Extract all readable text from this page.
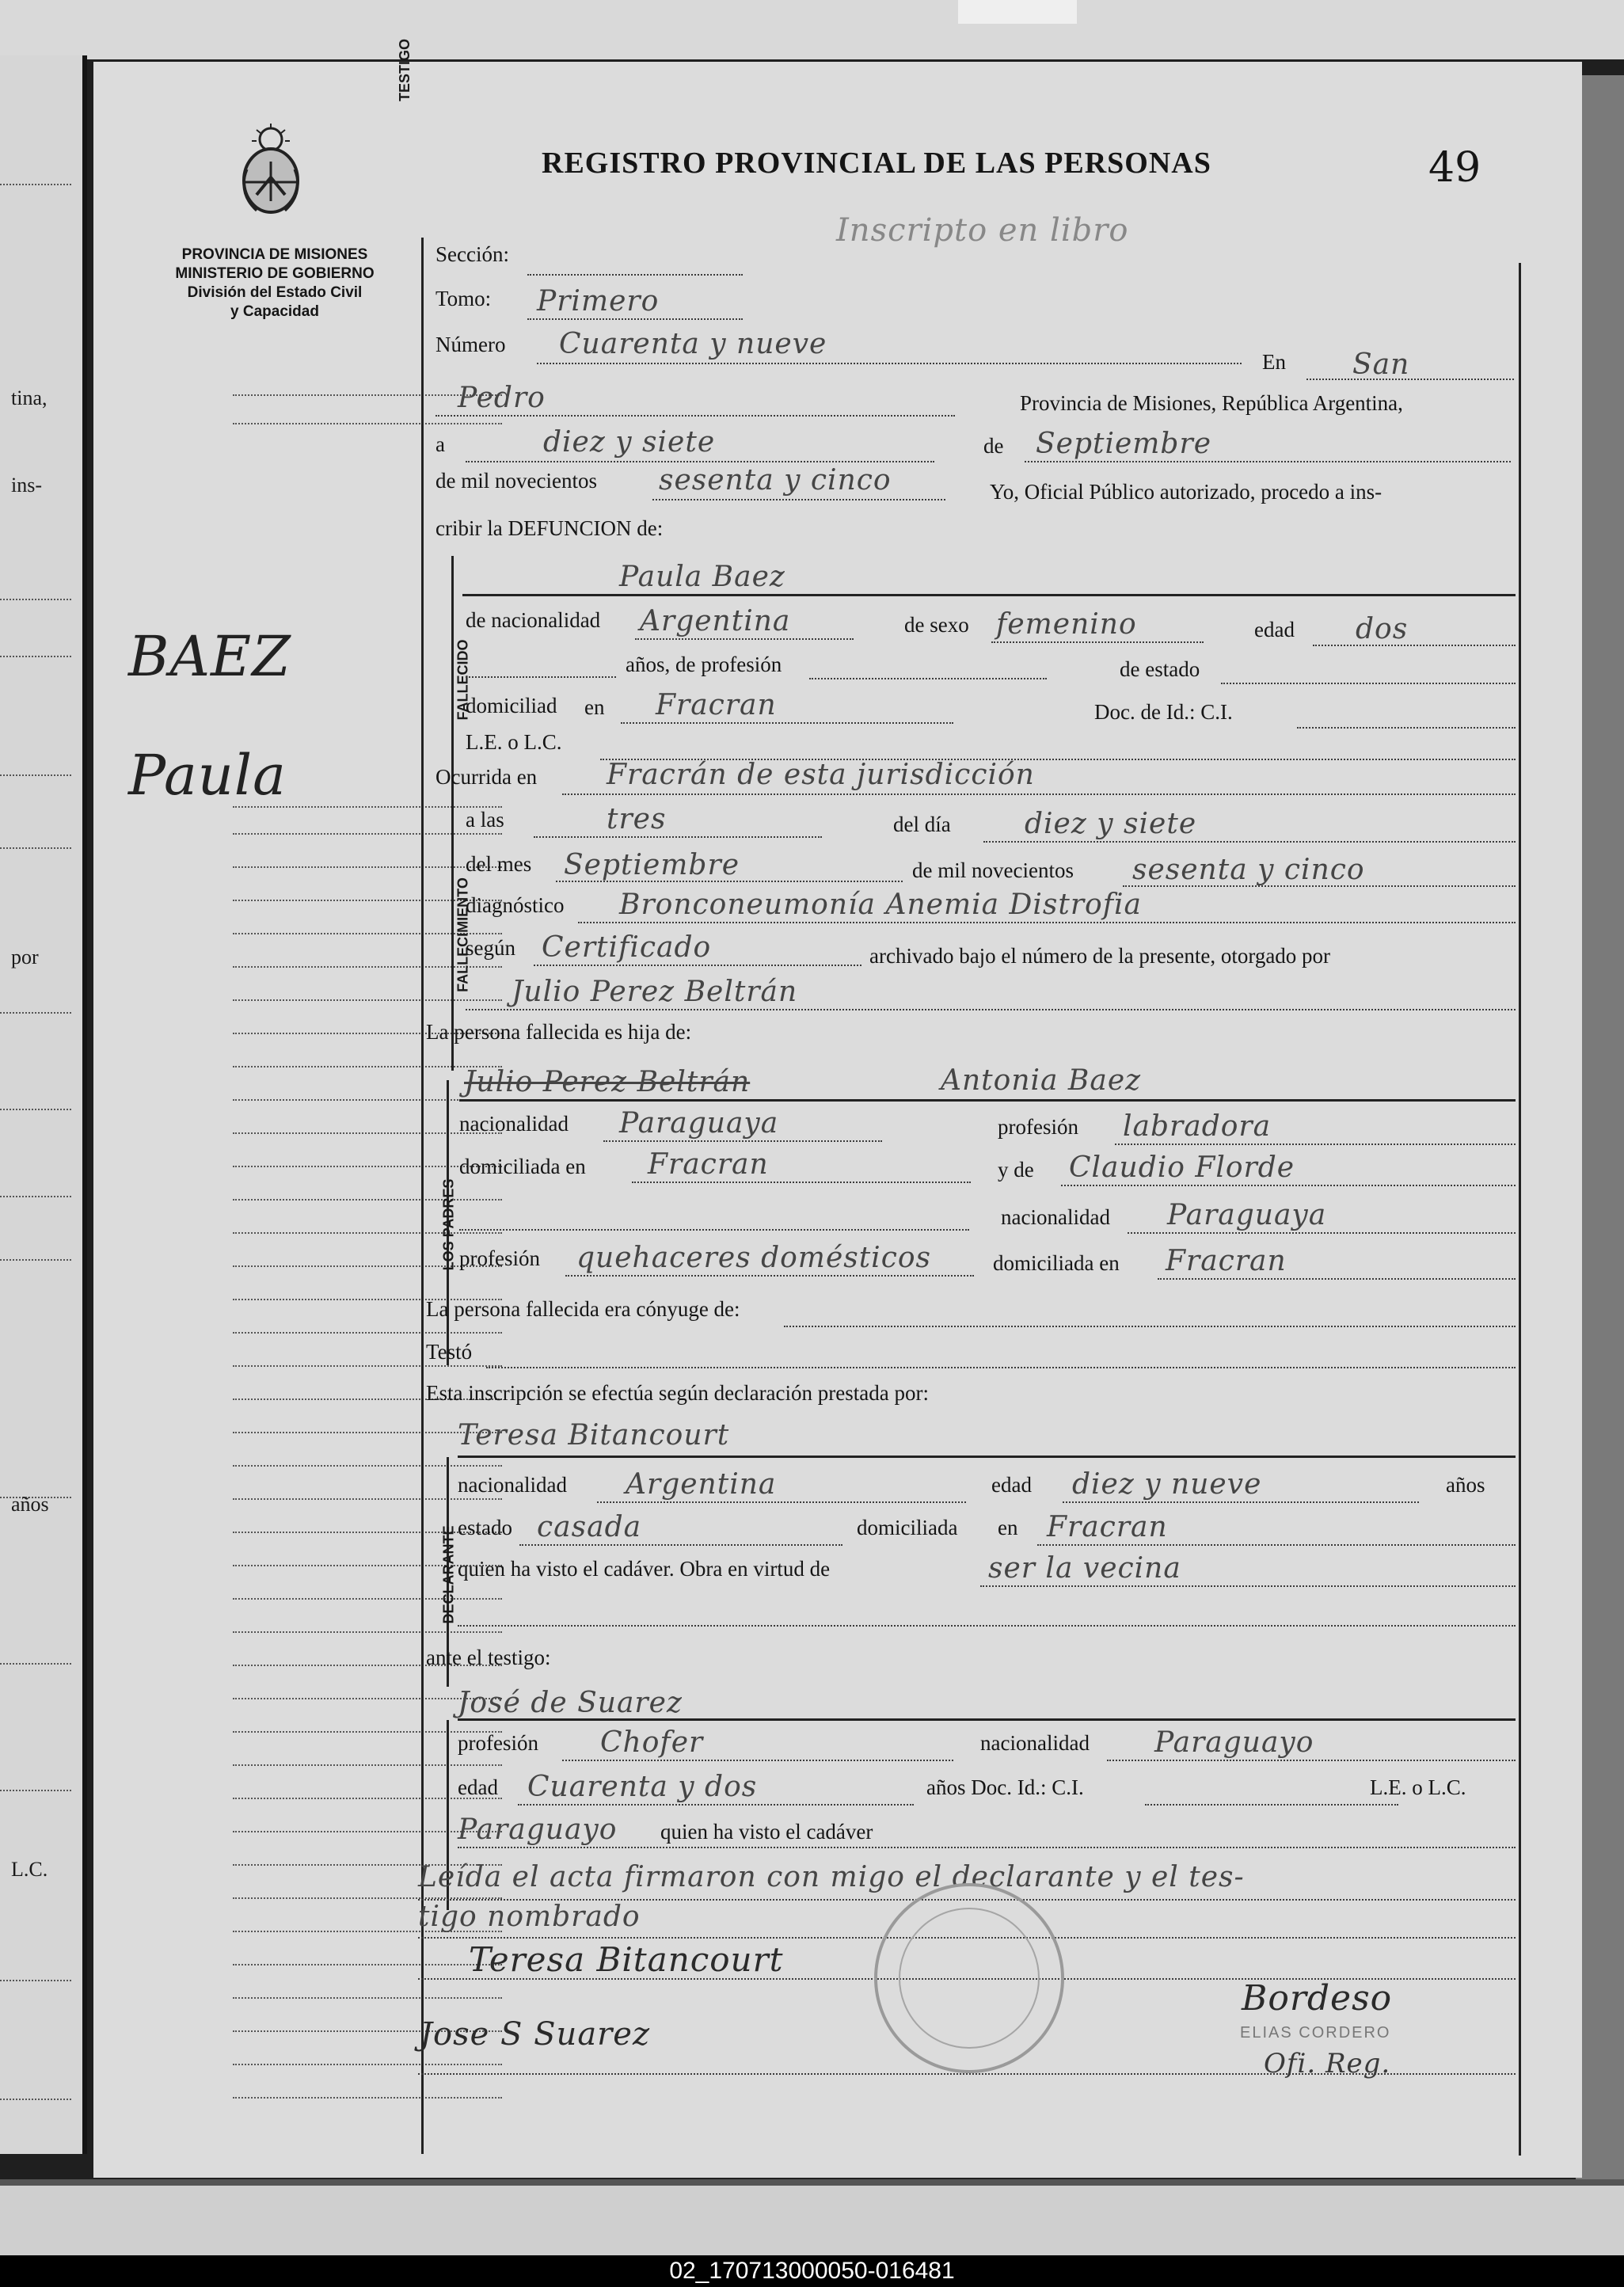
tina,
ins-
por
años
L.C.
PROVINCIA DE MISIONES
MINISTERIO DE GOBIERNO
División del Estado Civil
y Capacidad
REGISTRO PROVINCIAL DE LAS PERSONAS	49
Inscripto en libro
BAEZ
Paula
Sección:
Tomo: Primero
Número Cuarenta y nueve
En San
Pedro	Provincia de Misiones, República Argentina,
a	diez y siete	de Septiembre
de mil novecientos sesenta y cinco	Yo, Oficial Público autorizado, procedo a ins-
cribir la DEFUNCION de:
FALLECIDO
Paula Baez
de nacionalidad Argentina	de sexo femenino	edad dos
años, de profesión	de estado
domiciliad en Fracran	Doc. de Id.: C.I.
L.E. o L.C.
Ocurrida en Fracrán de esta jurisdicción
FALLECIMIENTO
a las	tres	del día	diez y siete
del mes Septiembre	de mil novecientos sesenta y cinco
diagnóstico Bronconeumonía Anemia Distrofia
según Certificado	archivado bajo el número de la presente, otorgado por
Julio Perez Beltrán
La persona fallecida es hija de:
LOS PADRES
Julio Perez Beltrán	Antonia Baez
nacionalidad Paraguaya	profesión labradora
domiciliada en Fracran	y de Claudio Florde
nacionalidad Paraguaya
profesión quehaceres domésticos	domiciliada en Fracran
La persona fallecida era cónyuge de:
Testó
Esta inscripción se efectúa según declaración prestada por:
DECLARANTE
Teresa Bitancourt
nacionalidad Argentina	edad diez y nueve	años
estado casada	domiciliada en Fracran
quien ha visto el cadáver. Obra en virtud de	ser la vecina
ante el testigo:
TESTIGO
José de Suarez
profesión Chofer	nacionalidad Paraguayo
edad Cuarenta y dos	años Doc. Id.: C.I.	L.E. o L.C.
Paraguayo quien ha visto el cadáver
Leída el acta firmaron con migo el declarante y el tes-
tigo nombrado
Teresa Bitancourt
Bordeso
Jose S Suarez	ELIAS CORDERO
Ofi. Reg.
02_170713000050-016481
